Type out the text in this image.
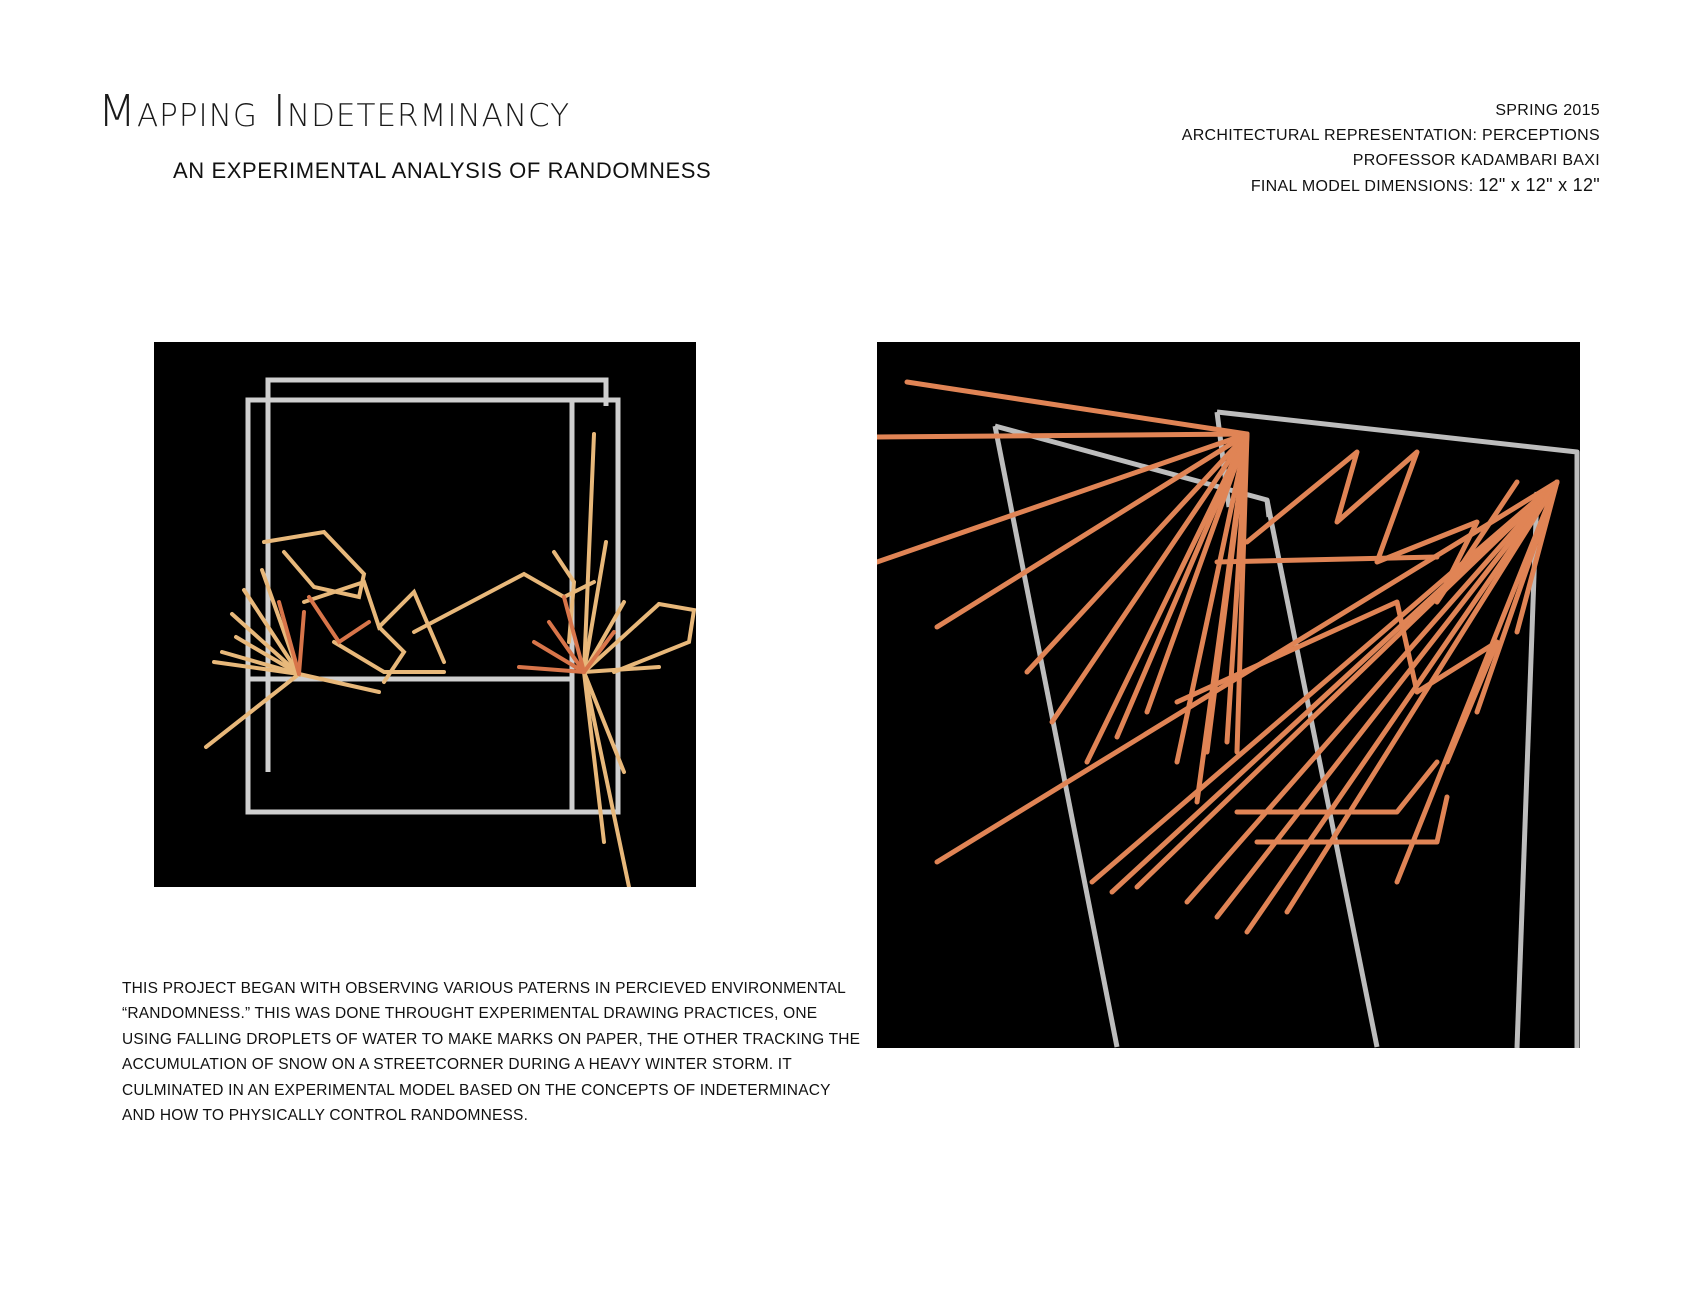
Mapping Indeterminancy
AN EXPERIMENTAL ANALYSIS OF RANDOMNESS
SPRING 2015
ARCHITECTURAL REPRESENTATION: PERCEPTIONS
PROFESSOR KADAMBARI BAXI
FINAL MODEL DIMENSIONS: 12" x 12" x 12"

THIS PROJECT BEGAN WITH OBSERVING VARIOUS PATERNS IN PERCIEVED ENVIRONMENTAL “RANDOMNESS.” THIS WAS DONE THROUGHT EXPERIMENTAL DRAWING PRACTICES, ONE USING FALLING DROPLETS OF WATER TO MAKE MARKS ON PAPER, THE OTHER TRACKING THE ACCUMULATION OF SNOW ON A STREETCORNER DURING A HEAVY WINTER STORM. IT CULMINATED IN AN EXPERIMENTAL MODEL BASED ON THE CONCEPTS OF INDETERMINACY AND HOW TO PHYSICALLY CONTROL RANDOMNESS.
